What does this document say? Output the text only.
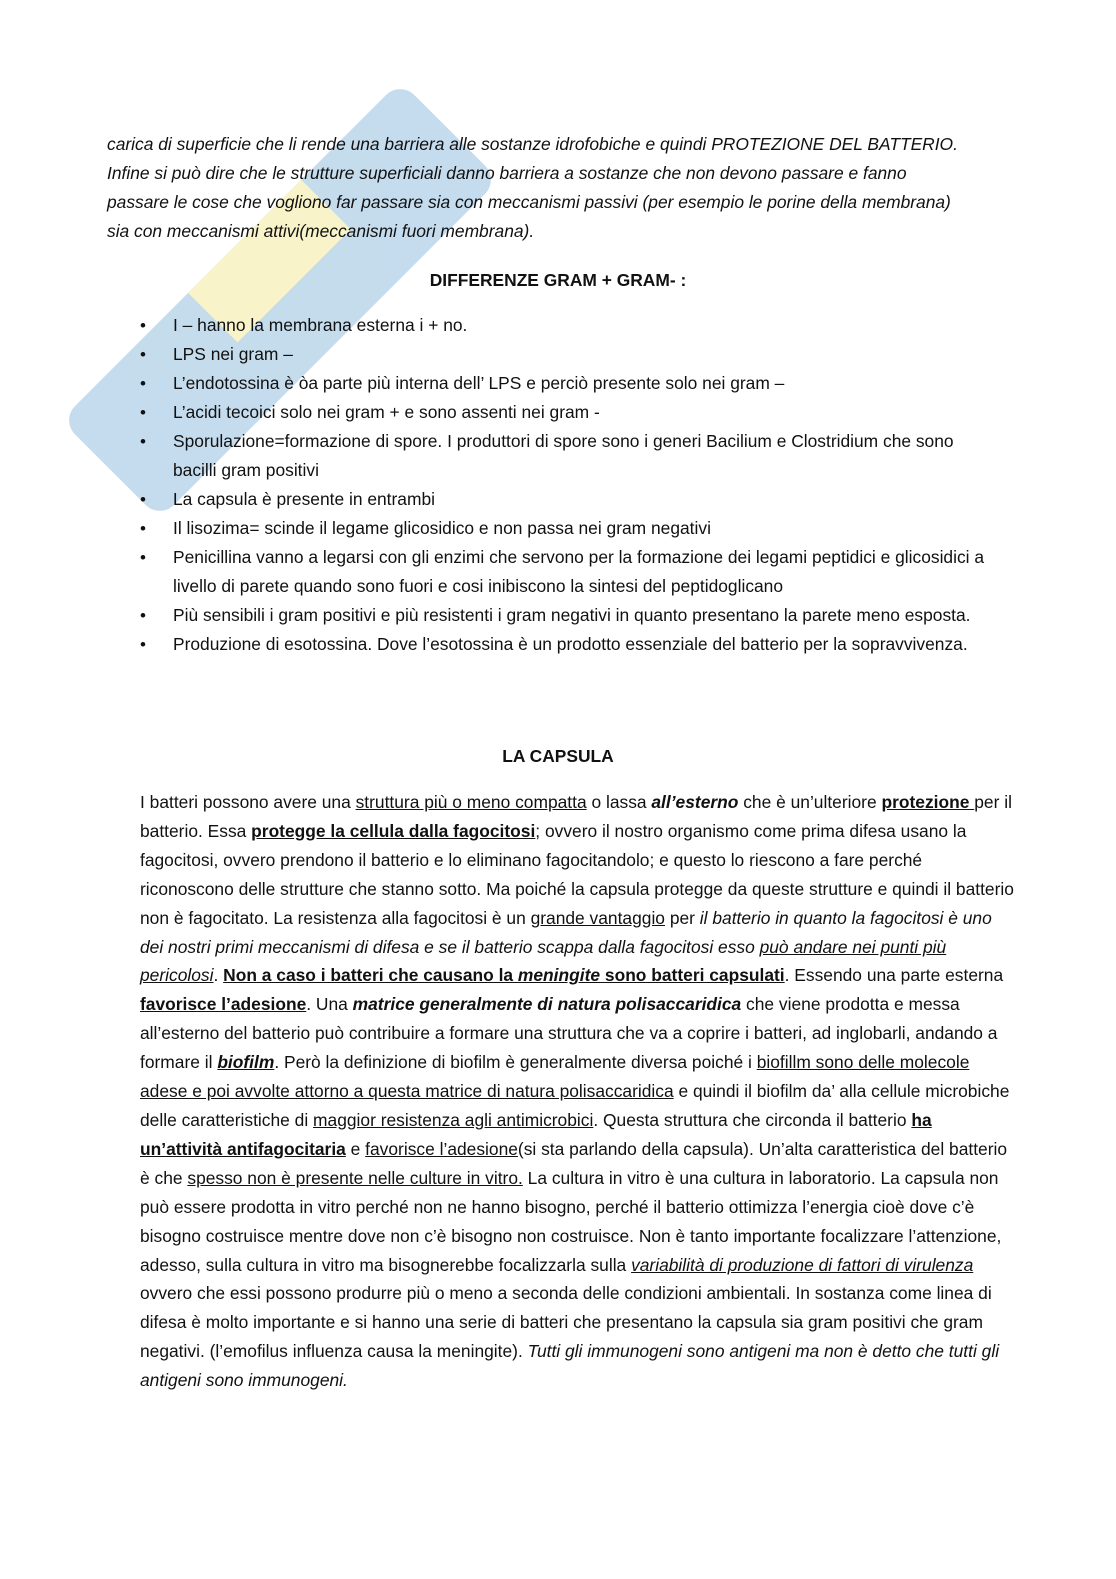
carica di superficie che li rende una barriera alle sostanze idrofobiche e quindi PROTEZIONE DEL BATTERIO.
Infine si può dire che le strutture superficiali danno barriera a sostanze che non devono passare e fanno
passare le cose che vogliono far passare sia con meccanismi passivi (per esempio le porine della membrana)
sia con meccanismi attivi(meccanismi fuori membrana).
DIFFERENZE GRAM + GRAM- :
• I – hanno la membrana esterna i + no.
• LPS nei gram –
• L’endotossina è òa parte più interna dell’ LPS e perciò presente solo nei gram –
• L’acidi tecoici solo nei gram + e sono assenti nei gram -
• Sporulazione=formazione di spore. I produttori di spore sono i generi Bacilium e Clostridium che sono bacilli gram positivi
• La capsula è presente in entrambi
• Il lisozima= scinde il legame glicosidico e non passa nei gram negativi
• Penicillina vanno a legarsi con gli enzimi che servono per la formazione dei legami peptidici e glicosidici a livello di parete quando sono fuori e cosi inibiscono la sintesi del peptidoglicano
• Più sensibili i gram positivi e più resistenti i gram negativi in quanto presentano la parete meno esposta.
• Produzione di esotossina. Dove l’esotossina è un prodotto essenziale del batterio per la sopravvivenza.
LA CAPSULA
I batteri possono avere una struttura più o meno compatta o lassa all’esterno che è un’ulteriore protezione per il batterio. Essa protegge la cellula dalla fagocitosi; ovvero il nostro organismo come prima difesa usano la fagocitosi, ovvero prendono il batterio e lo eliminano fagocitandolo; e questo lo riescono a fare perché riconoscono delle strutture che stanno sotto. Ma poiché la capsula protegge da queste strutture e quindi il batterio non è fagocitato. La resistenza alla fagocitosi è un grande vantaggio per il batterio in quanto la fagocitosi è uno dei nostri primi meccanismi di difesa e se il batterio scappa dalla fagocitosi esso può andare nei punti più pericolosi. Non a caso i batteri che causano la meningite sono batteri capsulati. Essendo una parte esterna favorisce l’adesione. Una matrice generalmente di natura polisaccaridica che viene prodotta e messa all’esterno del batterio può contribuire a formare una struttura che va a coprire i batteri, ad inglobarli, andando a formare il biofilm. Però la definizione di biofilm è generalmente diversa poiché i biofillm sono delle molecole adese e poi avvolte attorno a questa matrice di natura polisaccaridica e quindi il biofilm da’ alla cellule microbiche delle caratteristiche di maggior resistenza agli antimicrobici. Questa struttura che circonda il batterio ha un’attività antifagocitaria e favorisce l’adesione(si sta parlando della capsula). Un’alta caratteristica del batterio è che spesso non è presente nelle culture in vitro. La cultura in vitro è una cultura in laboratorio. La capsula non può essere prodotta in vitro perché non ne hanno bisogno, perché il batterio ottimizza l’energia cioè dove c’è bisogno costruisce mentre dove non c’è bisogno non costruisce. Non è tanto importante focalizzare l’attenzione, adesso, sulla cultura in vitro ma bisognerebbe focalizzarla sulla variabilità di produzione di fattori di virulenza ovvero che essi possono produrre più o meno a seconda delle condizioni ambientali. In sostanza come linea di difesa è molto importante e si hanno una serie di batteri che presentano la capsula sia gram positivi che gram negativi. (l’emofilus influenza causa la meningite). Tutti gli immunogeni sono antigeni ma non è detto che tutti gli antigeni sono immunogeni.
